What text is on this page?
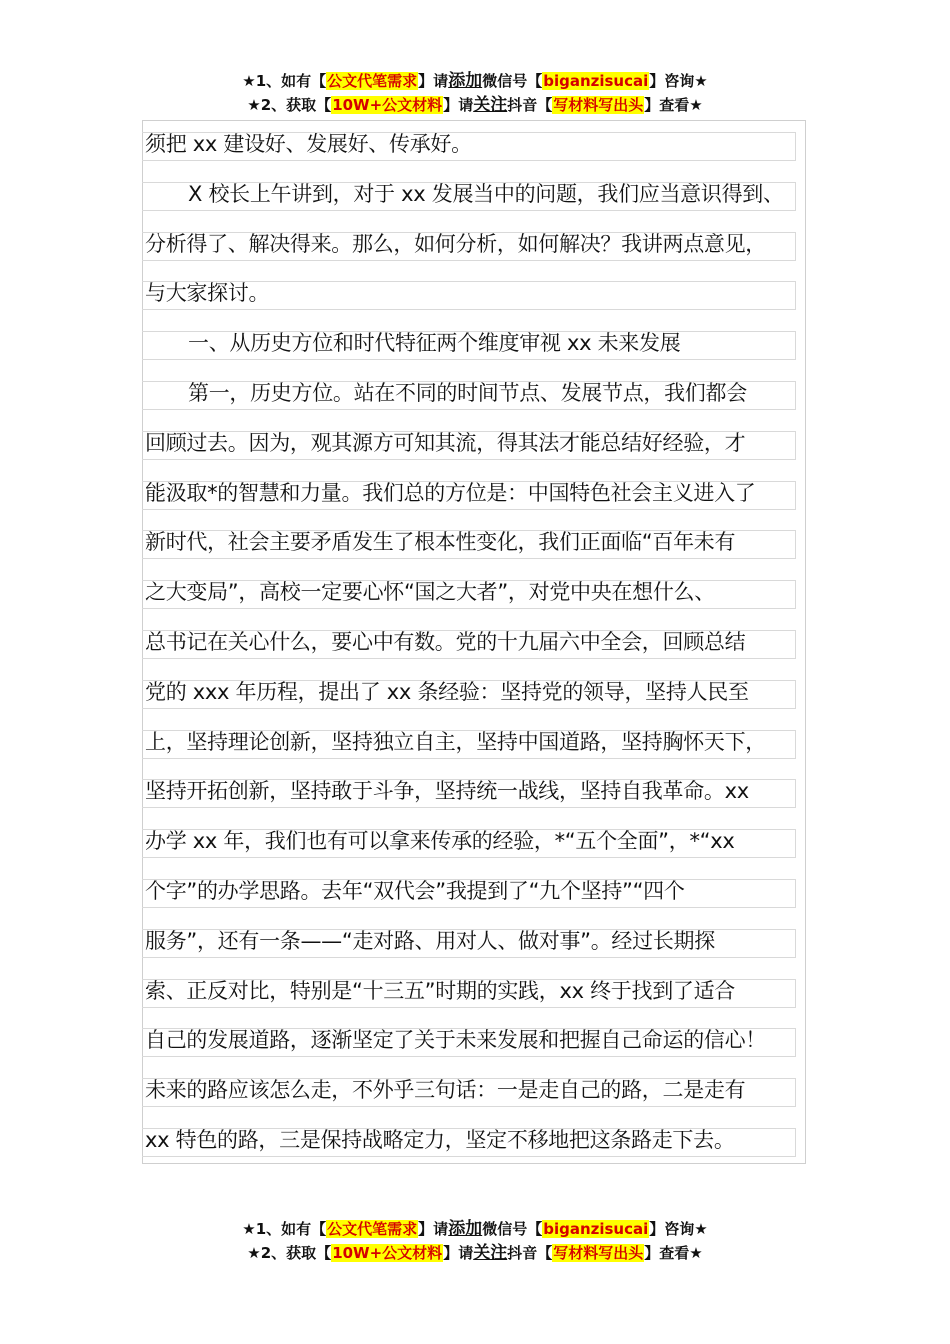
★1、如有【公文代笔需求】请添加微信号【biganzisucai】咨询★
★2、获取【10W+公文材料】请关注抖音【写材料写出头】查看★
须把 xx 建设好、发展好、传承好。
X 校长上午讲到，对于 xx 发展当中的问题，我们应当意识得到、
分析得了、解决得来。那么，如何分析，如何解决？我讲两点意见，
与大家探讨。
一、从历史方位和时代特征两个维度审视 xx 未来发展
第一，历史方位。站在不同的时间节点、发展节点，我们都会
回顾过去。因为，观其源方可知其流，得其法才能总结好经验，才
能汲取*的智慧和力量。我们总的方位是：中国特色社会主义进入了
新时代，社会主要矛盾发生了根本性变化，我们正面临“百年未有
之大变局”，高校一定要心怀“国之大者”，对党中央在想什么、
总书记在关心什么，要心中有数。党的十九届六中全会，回顾总结
党的 xxx 年历程，提出了 xx 条经验：坚持党的领导，坚持人民至
上，坚持理论创新，坚持独立自主，坚持中国道路，坚持胸怀天下，
坚持开拓创新，坚持敢于斗争，坚持统一战线，坚持自我革命。xx
办学 xx 年，我们也有可以拿来传承的经验，*“五个全面”，*“xx
个字”的办学思路。去年“双代会”我提到了“九个坚持”“四个
服务”，还有一条——“走对路、用对人、做对事”。经过长期探
索、正反对比，特别是“十三五”时期的实践，xx 终于找到了适合
自己的发展道路，逐渐坚定了关于未来发展和把握自己命运的信心！
未来的路应该怎么走，不外乎三句话：一是走自己的路，二是走有
xx 特色的路，三是保持战略定力，坚定不移地把这条路走下去。
★1、如有【公文代笔需求】请添加微信号【biganzisucai】咨询★
★2、获取【10W+公文材料】请关注抖音【写材料写出头】查看★
